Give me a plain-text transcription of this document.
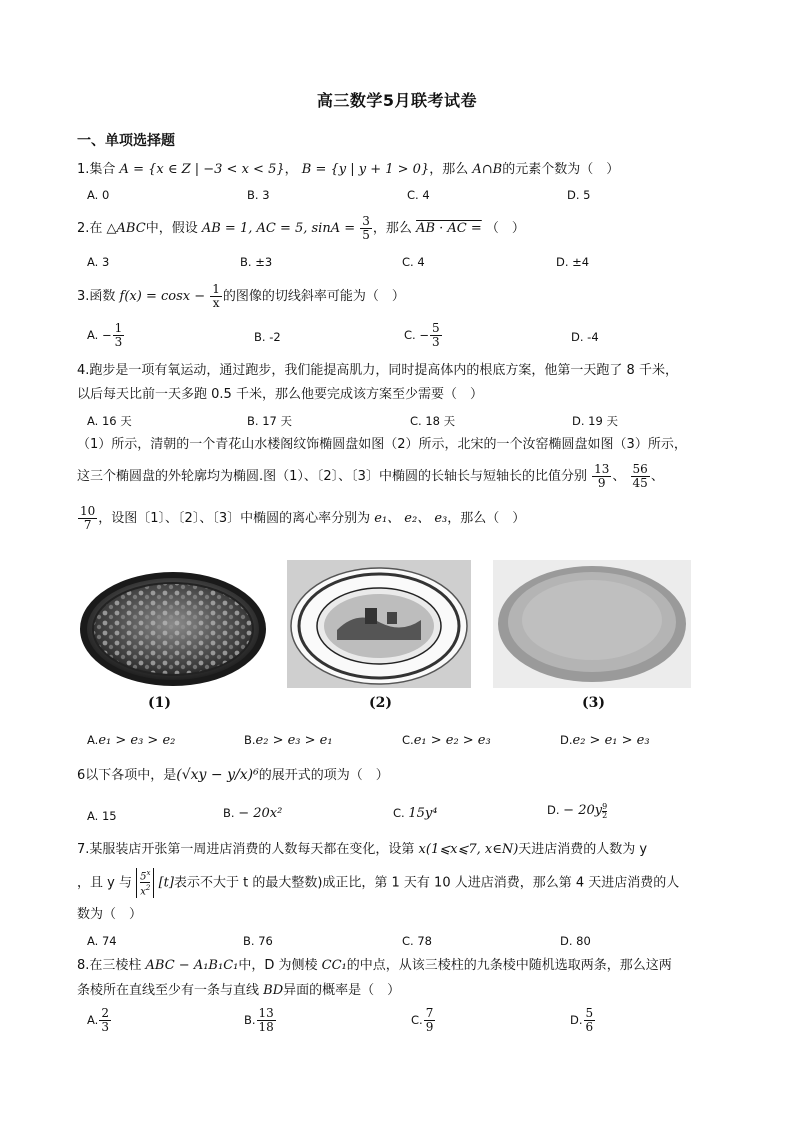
高三数学5月联考试卷
一、单项选择题
1.集合 A = {x ∈ Z | −3 < x < 5}， B = {y | y + 1 > 0}，那么 A∩B的元素个数为（　）
A. 0	B. 3	C. 4	D. 5
2.在 △ABC中，假设 AB = 1, AC = 5, $\sin A = \frac{3}{5}$ ，那么 AB · AC = （　）
A. 3	B. ±3	C. 4	D. ±4
3.函数 $f(x) = \cos x - \frac{1}{x}$ 的图像的切线斜率可能为（　）
A. − $\frac{1}{3}$	B. -2	C. − $\frac{5}{3}$	D. -4
4.跑步是一项有氧运动，通过跑步，我们能提高肌力，同时提高体内的根底方案，他第一天跑了 8 千米，
以后每天比前一天多跑 0.5 千米，那么他要完成该方案至少需要（　）
A. 16 天	B. 17 天	C. 18 天	D. 19 天
（1）所示，清朝的一个青花山水楼阁纹饰椭圆盘如图（2）所示，北宋的一个汝窑椭圆盘如图（3）所示，
这三个椭圆盘的外轮廓均为椭圆.图（1）、〔2〕、〔3〕中椭圆的长轴长与短轴长的比值分别 $\frac{13}{9}$ 、 $\frac{56}{45}$ 、
$\frac{10}{7}$ ，设图〔1〕、〔2〕、〔3〕中椭圆的离心率分别为 e₁、 e₂、 e₃，那么（　）
(1)	(2)	(3)
A.e₁ > e₃ > e₂	B.e₂ > e₃ > e₁	C.e₁ > e₂ > e₃	D.e₂ > e₁ > e₃
6以下各项中，是(√xy − y/x)⁶的展开式的项为（　）
A. 15	B. − 20x²	C. 15y⁴	D. − $20y \frac{9}{2}$
7.某服装店开张第一周进店消费的人数每天都在变化，设第 x(1⩽x⩽7, x∈N)天进店消费的人数为 y
，且 y 与 $\frac{5^x}{x^2} [t]$表示不大于 t 的最大整数)成正比，第 1 天有 10 人进店消费，那么第 4 天进店消费的人
数为（　）
A. 74	B. 76	C. 78	D. 80
8.在三棱柱 ABC − A₁B₁C₁中，D 为侧棱 CC₁的中点，从该三棱柱的九条棱中随机选取两条，那么这两
条棱所在直线至少有一条与直线 BD异面的概率是（　）
A. $\frac{2}{3}$	B. $\frac{13}{18}$	C. $\frac{7}{9}$	D. $\frac{5}{6}$
